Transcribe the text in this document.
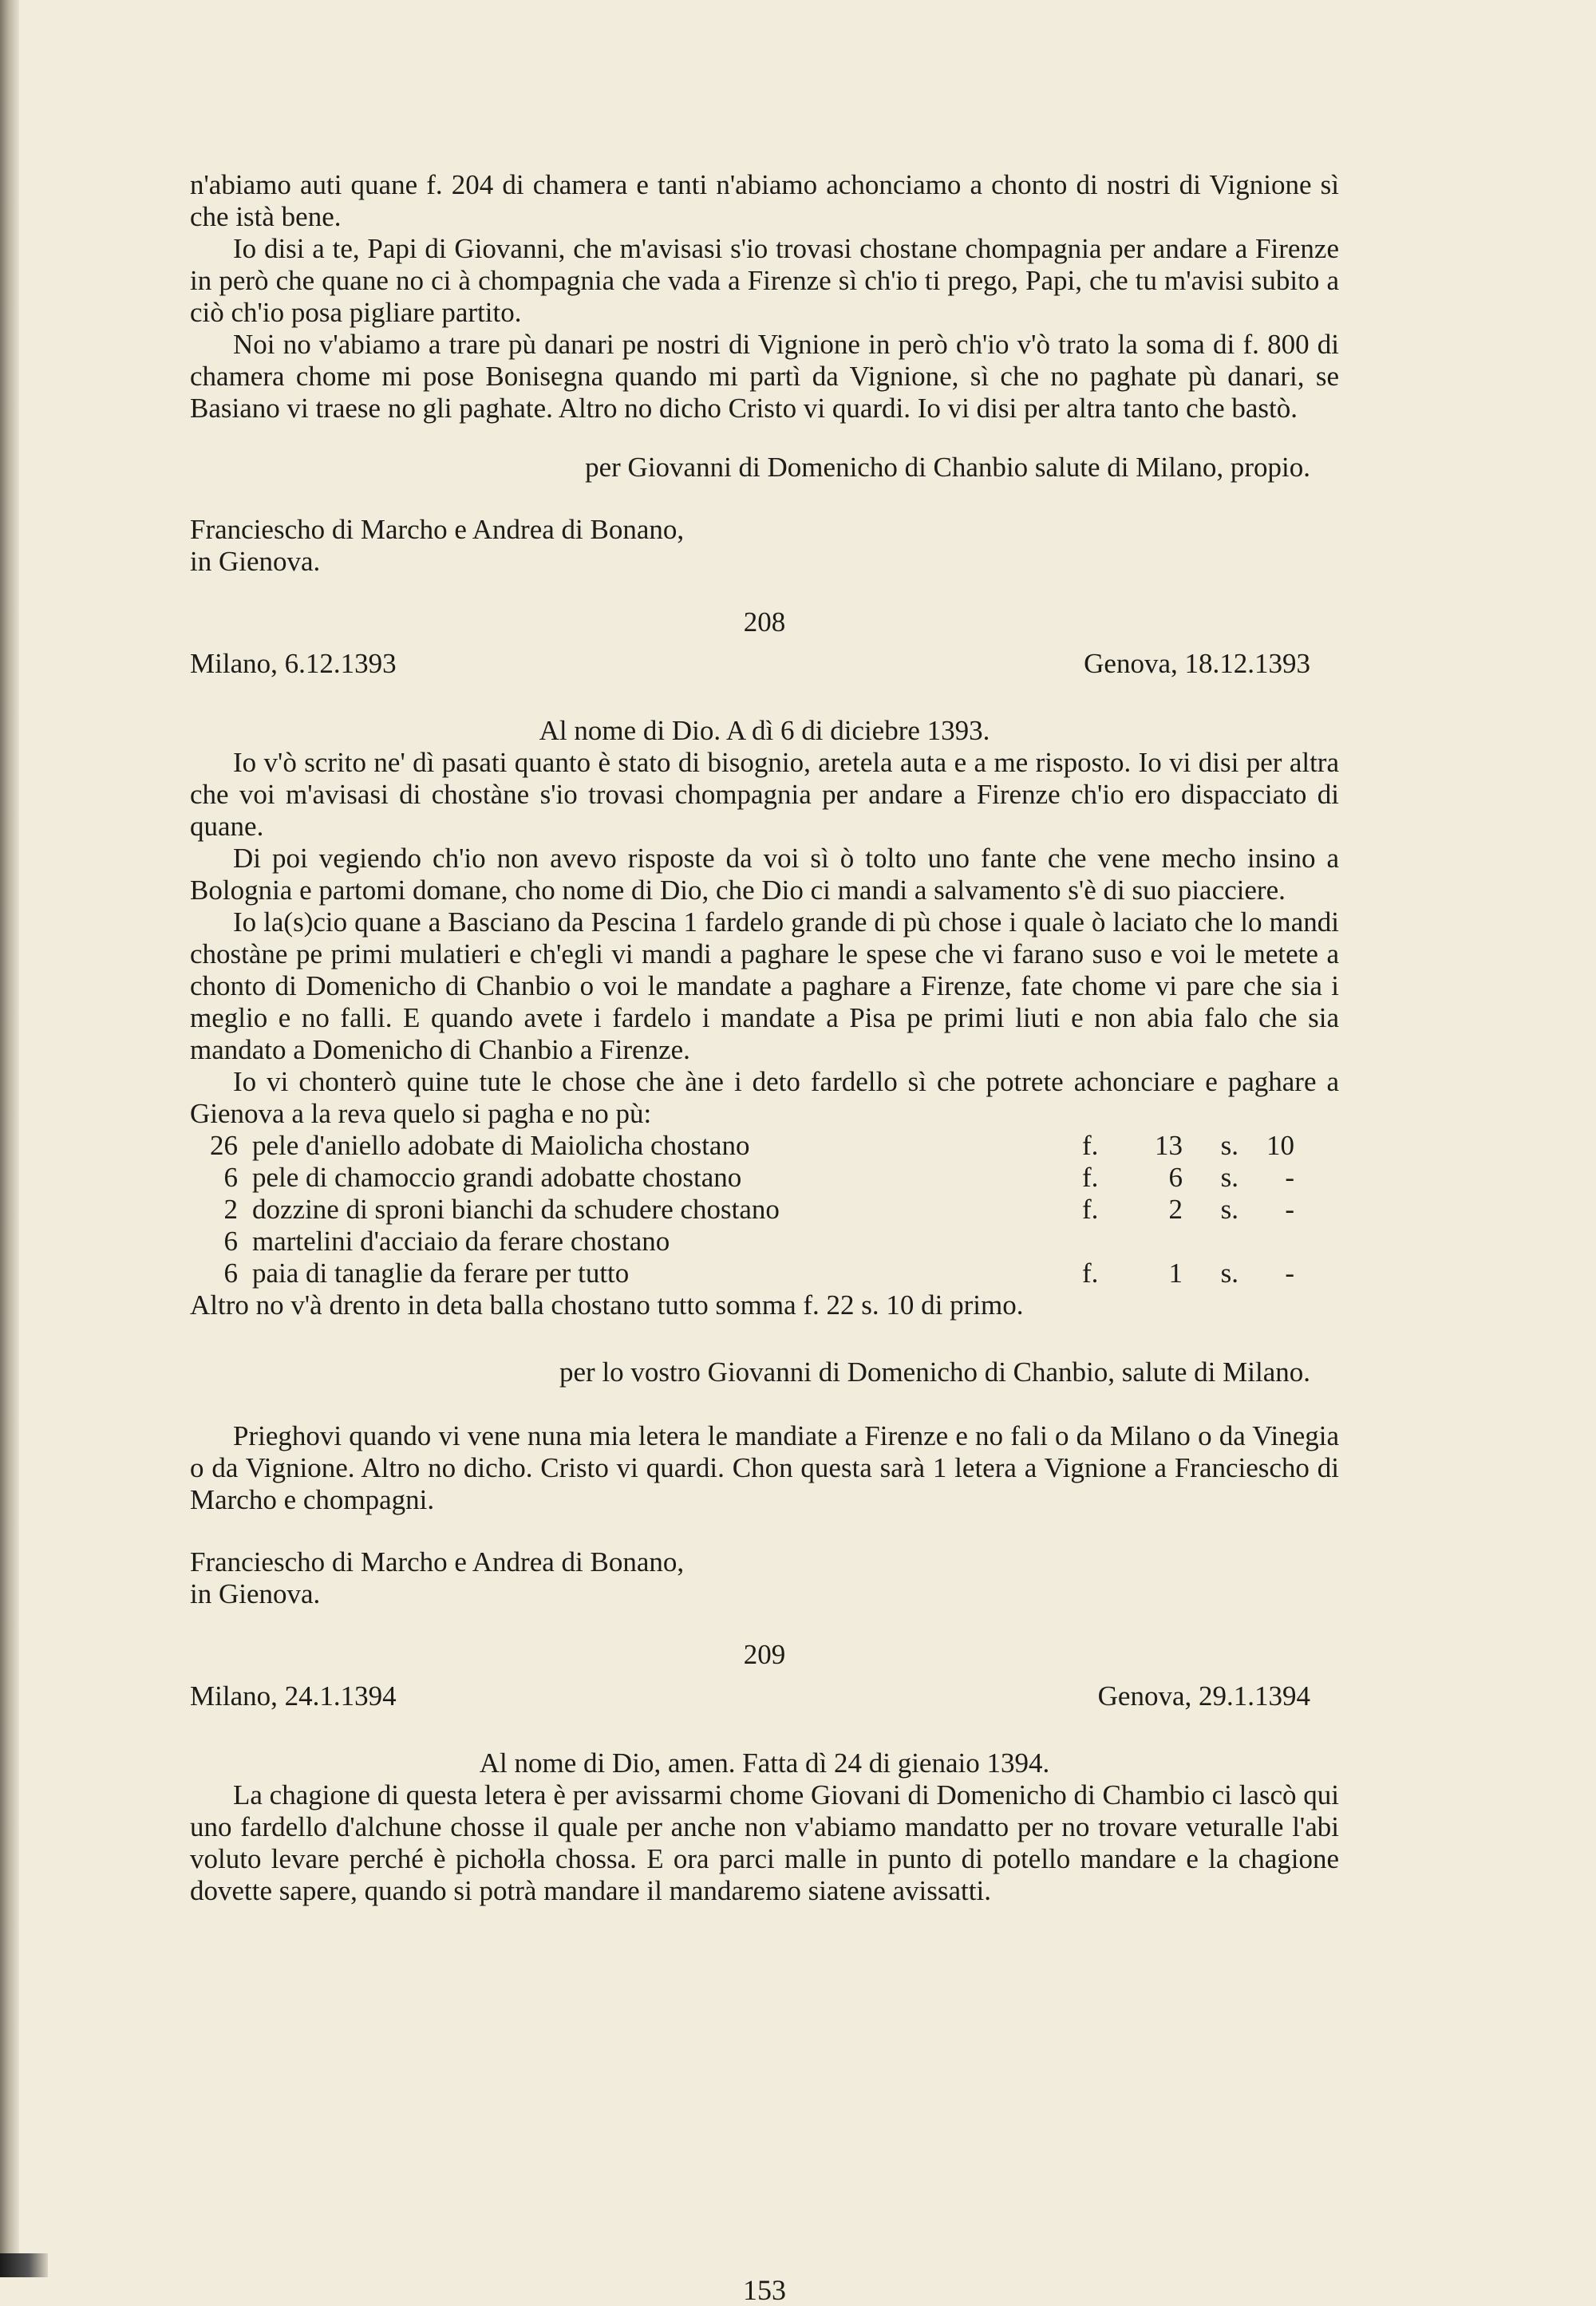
n'abiamo auti quane f. 204 di chamera e tanti n'abiamo achonciamo a chonto di nostri di Vignione sì che istà bene.

Io disi a te, Papi di Giovanni, che m'avisasi s'io trovasi chostane chompagnia per andare a Firenze in però che quane no ci à chompagnia che vada a Firenze sì ch'io ti prego, Papi, che tu m'avisi subito a ciò ch'io posa pigliare partito.

Noi no v'abiamo a trare pù danari pe nostri di Vignione in però ch'io v'ò trato la soma di f. 800 di chamera chome mi pose Bonisegna quando mi partì da Vignione, sì che no paghate pù danari, se Basiano vi traese no gli paghate. Altro no dicho Cristo vi quardi. Io vi disi per altra tanto che bastò.

per Giovanni di Domenicho di Chanbio salute di Milano, propio.

Franciescho di Marcho e Andrea di Bonano,
in Gienova.
208
Milano, 6.12.1393	Genova, 18.12.1393
Al nome di Dio. A dì 6 di diciebre 1393.

Io v'ò scrito ne' dì pasati quanto è stato di bisognio, aretela auta e a me risposto. Io vi disi per altra che voi m'avisasi di chostàne s'io trovasi chompagnia per andare a Firenze ch'io ero dispacciato di quane.

Di poi vegiendo ch'io non avevo risposte da voi sì ò tolto uno fante che vene mecho insino a Bolognia e partomi domane, cho nome di Dio, che Dio ci mandi a salvamento s'è di suo piacciere.

Io la(s)cio quane a Basciano da Pescina 1 fardelo grande di pù chose i quale ò laciato che lo mandi chostàne pe primi mulatieri e ch'egli vi mandi a paghare le spese che vi farano suso e voi le metete a chonto di Domenicho di Chanbio o voi le mandate a paghare a Firenze, fate chome vi pare che sia i meglio e no falli. E quando avete i fardelo i mandate a Pisa pe primi liuti e non abia falo che sia mandato a Domenicho di Chanbio a Firenze.

Io vi chonterò quine tute le chose che àne i deto fardello sì che potrete achonciare e paghare a Gienova a la reva quelo si pagha e no pù:

26 pele d'aniello adobate di Maiolicha chostano	f.	13	s.	10
6 pele di chamoccio grandi adobatte chostano	f.	6	s.	-
2 dozzine di sproni bianchi da schudere chostano	f.	2	s.	-
6 martelini d'acciaio da ferare chostano
6 paia di tanaglie da ferare per tutto	f.	1	s.	-

Altro no v'à drento in deta balla chostano tutto somma f. 22 s. 10 di primo.

per lo vostro Giovanni di Domenicho di Chanbio, salute di Milano.

Prieghovi quando vi vene nuna mia letera le mandiate a Firenze e no fali o da Milano o da Vinegia o da Vignione. Altro no dicho. Cristo vi quardi. Chon questa sarà 1 letera a Vignione a Franciescho di Marcho e chompagni.

Franciescho di Marcho e Andrea di Bonano,
in Gienova.
209
Milano, 24.1.1394	Genova, 29.1.1394
Al nome di Dio, amen. Fatta dì 24 di gienaio 1394.

La chagione di questa letera è per avissarmi chome Giovani di Domenicho di Chambio ci lascò qui uno fardello d'alchune chosse il quale per anche non v'abiamo mandatto per no trovare veturalle l'abi voluto levare perché è pichołla chossa. E ora parci malle in punto di potello mandare e la chagione dovette sapere, quando si potrà mandare il mandaremo siatene avissatti.

153
